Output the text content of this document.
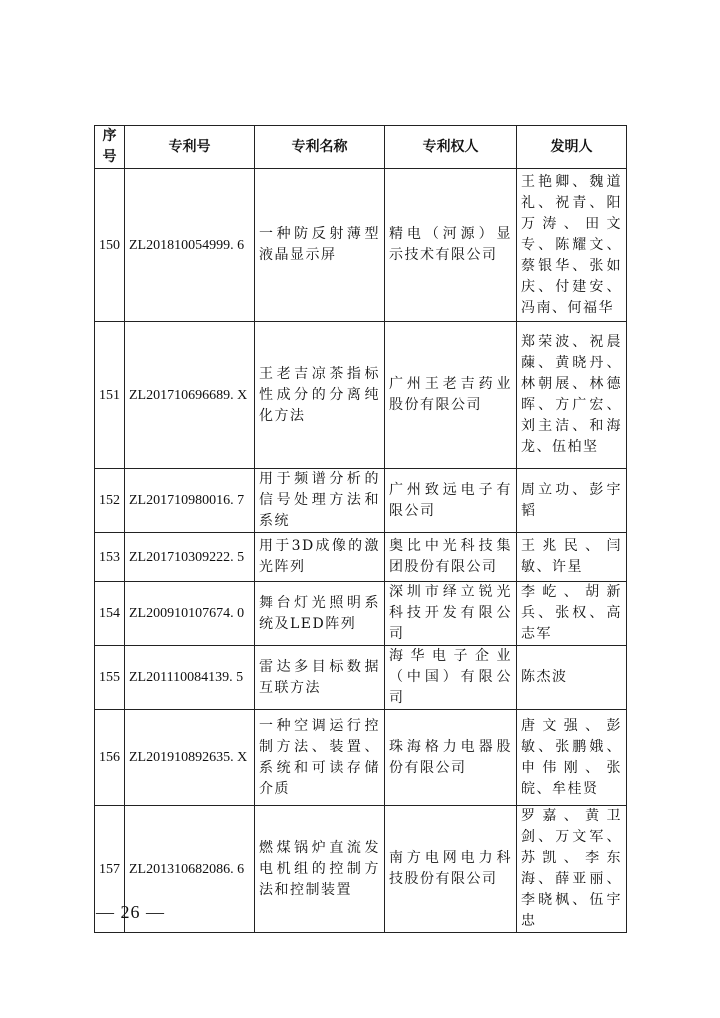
序号	专利号	专利名称	专利权人	发明人
150	ZL201810054999. 6	一种防反射薄型液晶显示屏	精电（河源）显示技术有限公司	王艳卿、魏道礼、祝青、阳万涛、田文专、陈耀文、蔡银华、张如庆、付建安、冯南、何福华
151	ZL201710696689. X	王老吉凉茶指标性成分的分离纯化方法	广州王老吉药业股份有限公司	郑荣波、祝晨蔯、黄晓丹、林朝展、林德晖、方广宏、刘主洁、和海龙、伍柏坚
152	ZL201710980016. 7	用于频谱分析的信号处理方法和系统	广州致远电子有限公司	周立功、彭宇韬
153	ZL201710309222. 5	用于3D成像的激光阵列	奥比中光科技集团股份有限公司	王兆民、闫敏、许星
154	ZL200910107674. 0	舞台灯光照明系统及LED阵列	深圳市绎立锐光科技开发有限公司	李屹、胡新兵、张权、高志军
155	ZL201110084139. 5	雷达多目标数据互联方法	海华电子企业（中国）有限公司	陈杰波
156	ZL201910892635. X	一种空调运行控制方法、装置、系统和可读存储介质	珠海格力电器股份有限公司	唐文强、彭敏、张鹏娥、申伟刚、张皖、牟桂贤
157	ZL201310682086. 6	燃煤锅炉直流发电机组的控制方法和控制装置	南方电网电力科技股份有限公司	罗嘉、黄卫剑、万文军、苏凯、李东海、薛亚丽、李晓枫、伍宇忠
— 26 —
